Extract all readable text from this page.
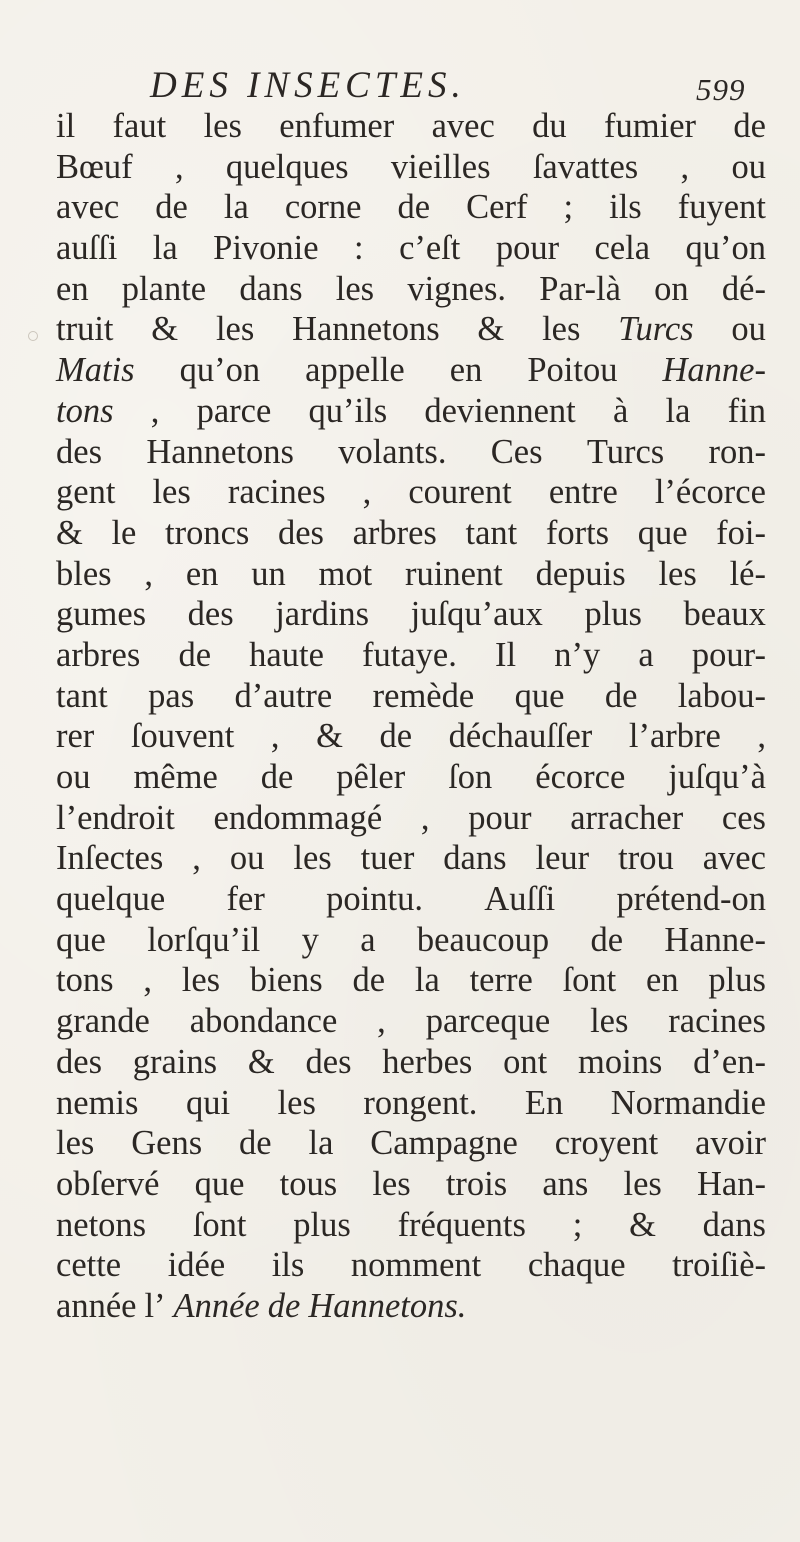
DES INSECTES.	599
il faut les enfumer avec du fumier de
Bœuf , quelques vieilles ſavattes , ou
avec de la corne de Cerf ; ils fuyent
auſſi la Pivonie : c’eſt pour cela qu’on
en plante dans les vignes. Par-là on dé-
truit & les Hannetons & les Turcs ou
Matis qu’on appelle en Poitou Hanne-
tons , parce qu’ils deviennent à la fin
des Hannetons volants. Ces Turcs ron-
gent les racines , courent entre l’écorce
& le troncs des arbres tant forts que foi-
bles , en un mot ruinent depuis les lé-
gumes des jardins juſqu’aux plus beaux
arbres de haute futaye. Il n’y a pour-
tant pas d’autre remède que de labou-
rer ſouvent , & de déchauſſer l’arbre ,
ou même de pêler ſon écorce juſqu’à
l’endroit endommagé , pour arracher ces
Inſectes , ou les tuer dans leur trou avec
quelque fer pointu. Auſſi prétend-on
que lorſqu’il y a beaucoup de Hanne-
tons , les biens de la terre ſont en plus
grande abondance , parceque les racines
des grains & des herbes ont moins d’en-
nemis qui les rongent. En Normandie
les Gens de la Campagne croyent avoir
obſervé que tous les trois ans les Han-
netons ſont plus fréquents ; & dans
cette idée ils nomment chaque troiſiè-
année l’ Année de Hannetons.
